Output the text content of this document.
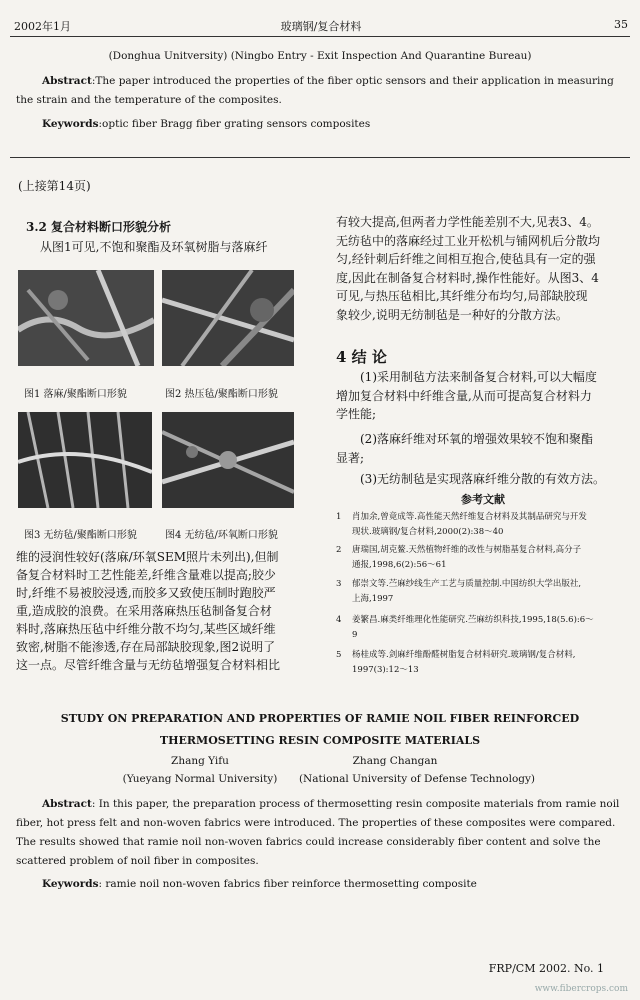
2002年1月	玻璃钢/复合材料	35
(Donghua Unitversity) (Ningbo Entry - Exit Inspection And Quarantine Bureau)
Abstract:The paper introduced the properties of the fiber optic sensors and their application in measuring the strain and the temperature of the composites.
Keywords:optic fiber Bragg fiber grating sensors composites
(上接第14页)
3.2 复合材料断口形貌分析
从图1可见,不饱和聚酯及环氧树脂与落麻纤
图1 落麻/聚酯断口形貌	图2 热压毡/聚酯断口形貌
图3 无纺毡/聚酯断口形貌	图4 无纺毡/环氧断口形貌
维的浸润性较好(落麻/环氧SEM照片未列出),但制
备复合材料时工艺性能差,纤维含量难以提高;胶少
时,纤维不易被胶浸透,而胶多又致使压制时跑胶严
重,造成胶的浪费。在采用落麻热压毡制备复合材
料时,落麻热压毡中纤维分散不均匀,某些区域纤维
致密,树脂不能渗透,存在局部缺胶现象,图2说明了
这一点。尽管纤维含量与无纺毡增强复合材料相比
有较大提高,但两者力学性能差别不大,见表3、4。
无纺毡中的落麻经过工业开松机与铺网机后分散均
匀,经针刺后纤维之间相互抱合,使毡具有一定的强
度,因此在制备复合材料时,操作性能好。从图3、4
可见,与热压毡相比,其纤维分布均匀,局部缺胶现
象较少,说明无纺制毡是一种好的分散方法。
4 结 论
(1)采用制毡方法来制备复合材料,可以大幅度
增加复合材料中纤维含量,从而可提高复合材料力
学性能;
(2)落麻纤维对环氧的增强效果较不饱和聚酯
显著;
(3)无纺制毡是实现落麻纤维分散的有效方法。
参考文献
1 肖加余,曾竟成等.高性能天然纤维复合材料及其制品研究与开发
现状.玻璃钢/复合材料,2000(2):38～40
2 唐瑞国,胡克鳌.天然植物纤维的改性与树脂基复合材料,高分子
通报,1998,6(2):56～61
3 郁崇文等.苎麻纱线生产工艺与质量控制.中国纺织大学出版社,
上海,1997
4 姜繁昌.麻类纤维理化性能研究.苎麻纺织科技,1995,18(5.6):6～
9
5 杨桂成等.剑麻纤维酚醛树脂复合材料研究.玻璃钢/复合材料,
1997(3):12～13
STUDY ON PREPARATION AND PROPERTIES OF RAMIE NOIL FIBER REINFORCED
THERMOSETTING RESIN COMPOSITE MATERIALS
Zhang Yifu	Zhang Changan
(Yueyang Normal University)	(National University of Defense Technology)
Abstract: In this paper, the preparation process of thermosetting resin composite materials from ramie noil fiber, hot press felt and non-woven fabrics were introduced. The properties of these composites were compared. The results showed that ramie noil non-woven fabrics could increase considerably fiber content and solve the scattered problem of noil fiber in composites.
Keywords: ramie noil non-woven fabrics fiber reinforce thermosetting composite
FRP/CM 2002. No. 1
www.fibercrops.com
